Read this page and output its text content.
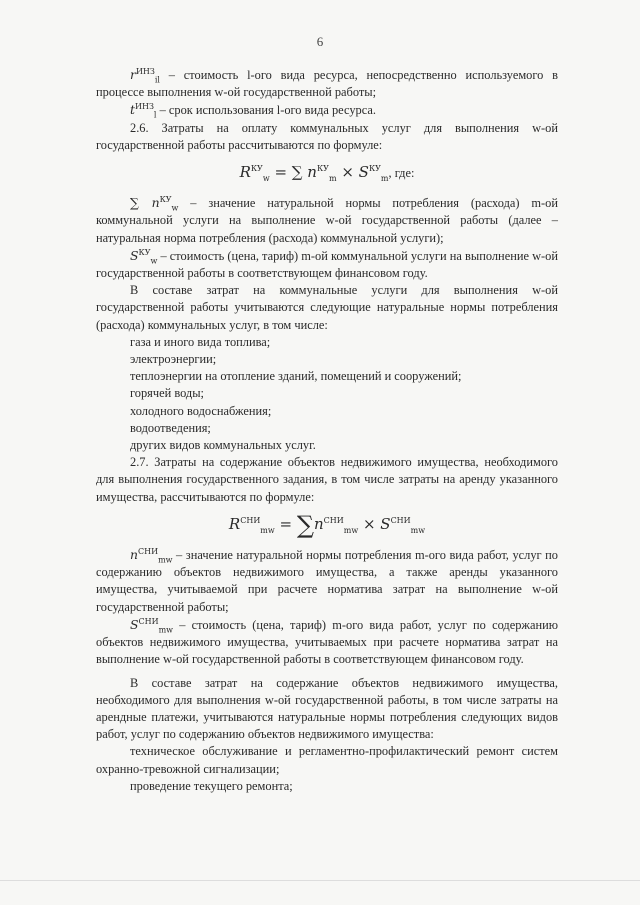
6

$r^{ИНЗ}_{il}$ – стоимость l-ого вида ресурса, непосредственно используемого в процессе выполнения w-ой государственной работы;

$t^{ИНЗ}_l$ – срок использования l-ого вида ресурса.

2.6. Затраты на оплату коммунальных услуг для выполнения w-ой государственной работы рассчитываются по формуле:

$R^{КУ}_w$ = ∑ $n^{КУ}_m \times S^{КУ}_m$, где:

∑ $n^{КУ}_w$ – значение натуральной нормы потребления (расхода) m-ой коммунальной услуги на выполнение w-ой государственной работы (далее – натуральная норма потребления (расхода) коммунальной услуги);

$S^{КУ}_w$ – стоимость (цена, тариф) m-ой коммунальной услуги на выполнение w-ой государственной работы в соответствующем финансовом году.

В составе затрат на коммунальные услуги для выполнения w-ой государственной работы учитываются следующие натуральные нормы потребления (расхода) коммунальных услуг, в том числе:

газа и иного вида топлива;

электроэнергии;

теплоэнергии на отопление зданий, помещений и сооружений;

горячей воды;

холодного водоснабжения;

водоотведения;

других видов коммунальных услуг.

2.7. Затраты на содержание объектов недвижимого имущества, необходимого для выполнения государственного задания, в том числе затраты на аренду указанного имущества, рассчитываются по формуле:

$R^{СНИ}_{mw} = \sum n^{СНИ}_{mw} \times S^{СНИ}_{mw}$

$n^{СНИ}_{mw}$ – значение натуральной нормы потребления m-ого вида работ, услуг по содержанию объектов недвижимого имущества, а также аренды указанного имущества, учитываемой при расчете норматива затрат на выполнение w-ой государственной работы;

$S^{СНИ}_{mw}$ – стоимость (цена, тариф) m-ого вида работ, услуг по содержанию объектов недвижимого имущества, учитываемых при расчете норматива затрат на выполнение w-ой государственной работы в соответствующем финансовом году.

В составе затрат на содержание объектов недвижимого имущества, необходимого для выполнения w-ой государственной работы, в том числе затраты на арендные платежи, учитываются натуральные нормы потребления следующих видов работ, услуг по содержанию объектов недвижимого имущества:

техническое обслуживание и регламентно-профилактический ремонт систем охранно-тревожной сигнализации;

проведение текущего ремонта;
